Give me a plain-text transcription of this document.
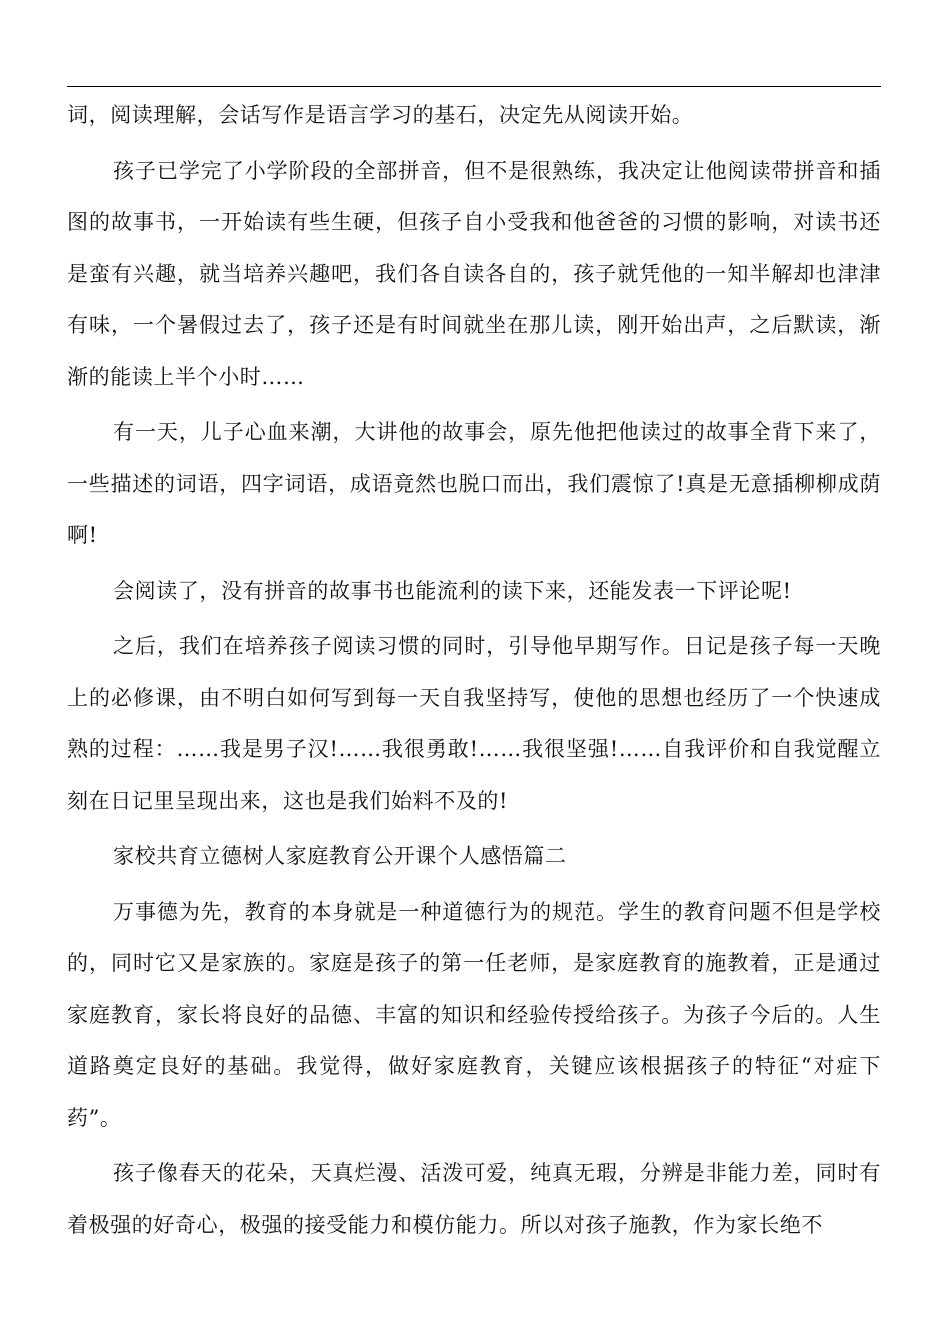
词，阅读理解，会话写作是语言学习的基石，决定先从阅读开始。

孩子已学完了小学阶段的全部拼音，但不是很熟练，我决定让他阅读带拼音和插图的故事书，一开始读有些生硬，但孩子自小受我和他爸爸的习惯的影响，对读书还是蛮有兴趣，就当培养兴趣吧，我们各自读各自的，孩子就凭他的一知半解却也津津有味，一个暑假过去了，孩子还是有时间就坐在那儿读，刚开始出声，之后默读，渐渐的能读上半个小时……

有一天，儿子心血来潮，大讲他的故事会，原先他把他读过的故事全背下来了，一些描述的词语，四字词语，成语竟然也脱口而出，我们震惊了!真是无意插柳柳成荫啊!

会阅读了，没有拼音的故事书也能流利的读下来，还能发表一下评论呢!

之后，我们在培养孩子阅读习惯的同时，引导他早期写作。日记是孩子每一天晚上的必修课，由不明白如何写到每一天自我坚持写，使他的思想也经历了一个快速成熟的过程：……我是男子汉!……我很勇敢!……我很坚强!……自我评价和自我觉醒立刻在日记里呈现出来，这也是我们始料不及的!

家校共育立德树人家庭教育公开课个人感悟篇二

万事德为先，教育的本身就是一种道德行为的规范。学生的教育问题不但是学校的，同时它又是家族的。家庭是孩子的第一任老师，是家庭教育的施教着，正是通过家庭教育，家长将良好的品德、丰富的知识和经验传授给孩子。为孩子今后的。人生道路奠定良好的基础。我觉得，做好家庭教育，关键应该根据孩子的特征“对症下药”。

孩子像春天的花朵，天真烂漫、活泼可爱，纯真无瑕，分辨是非能力差，同时有着极强的好奇心，极强的接受能力和模仿能力。所以对孩子施教，作为家长绝不
